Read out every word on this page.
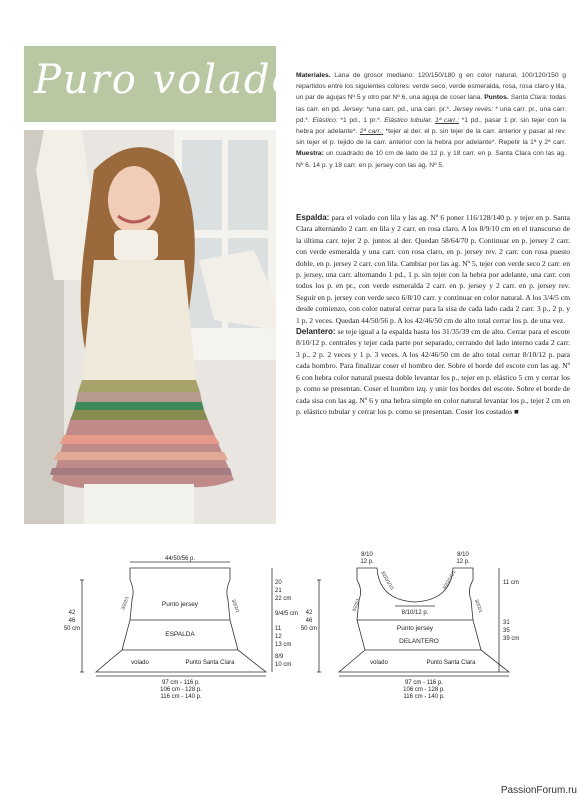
Puro volado
Materiales. Lana de grosor mediano: 120/150/180 g en color natural, 100/120/150 g repartidos entre los siguientes colores: verde seco, verde esmeralda, rosa, rosa claro y lila, un par de agujas Nº 5 y otro par Nº 6, una aguja de coser lana. Puntos. Santa Clara: todas las carr. en pd. Jersey: *una carr. pd., una carr. pr.*. Jersey revés: * una carr. pr., una carr. pd.*. Elástico: *1 pd., 1 pr.*. Elástico tubular. 1ª carr.: *1 pd., pasar 1 pr. sin tejer con la hebra por adelante*. 2ª carr.: *tejer al der. el p. sin tejer de la carr. anterior y pasar al rev. sin tejer el p. tejido de la carr. anterior con la hebra por adelante*. Repetir la 1ª y 2ª carr. Muestra: un cuadrado de 10 cm de lado de 12 p. y 18 carr. en p. Santa Clara con las ag. Nº 6. 14 p. y 18 carr. en p. jersey con las ag. Nº 5.

Espalda: para el volado con lila y las ag. Nº 6 poner 116/128/140 p. y tejer en p. Santa Clara alternando 2 carr. en lila y 2 carr. en rosa claro. A los 8/9/10 cm en el transcurso de la última carr. tejer 2 p. juntos al der. Quedan 58/64/70 p. Continuar en p. jersey 2 carr. con verde esmeralda y una carr. con rosa claro, en p. jersey rev. 2 carr. con rosa puesto doble, en p. jersey 2 carr. con lila. Cambiar por las ag. Nº 5, tejer con verde seco 2 carr. en p. jersey, una carr. alternando 1 pd., 1 p. sin tejer con la hebra por adelante, una carr. con todos los p. en pr., con verde esmeralda 2 carr. en p. jersey y 2 carr. en p. jersey rev. Seguir en p. jersey con verde seco 6/8/10 carr. y continuar en color natural. A los 3/4/5 cm desde comienzo, con color natural cerrar para la sisa de cada lado cada 2 carr. 3 p., 2 p. y 1 p. 2 veces. Quedan 44/50/56 p. A los 42/46/50 cm de alto total cerrar los p. de una vez.

Delantero: se teje igual a la espalda hasta los 31/35/39 cm de alto. Cerrar para el escote 8/10/12 p. centrales y tejer cada parte por separado, cerrando del lado interno cada 2 carr. 3 p., 2 p. 2 veces y 1 p. 3 veces. A los 42/46/50 cm de alto total cerrar 8/10/12 p. para cada hombro. Para finalizar coser el hombro der. Sobre el borde del escote con las ag. Nº 6 con hebra color natural puesta doble levantar los p., tejer en p. elástico 5 cm y cerrar los p. como se presentan. Coser el hombro izq. y unir los bordes del escote. Sobre el borde de cada sisa con las ag. Nº 6 y una hebra simple en color natural levantar los p., tejer 2 cm en p. elástico tubular y cerrar los p. como se presentan. Coser los costados ■

44/50/56 p.
42
46
50 cm
20
21
22 cm
9/4/5 cm
11
12
13 cm
8/9
10 cm
3/2/2/1	3/2/2/1
Punto jersey
ESPALDA
volado	Punto Santa Clara
97 cm - 116 p.
106 cm - 128 p.
116 cm - 140 p.
8/10
12 p.
8/10
12 p.
3/2/2/1/1/1	3/2/2/1/1/1
8/10/12 p.
11 cm
42
46
50 cm
31
35
39 cm
3/2/2/1	3/2/2/1
Punto jersey
DELANTERO
volado	Punto Santa Clara
97 cm - 116 p.
106 cm - 128 p.
116 cm - 140 p.
PassionForum.ru
